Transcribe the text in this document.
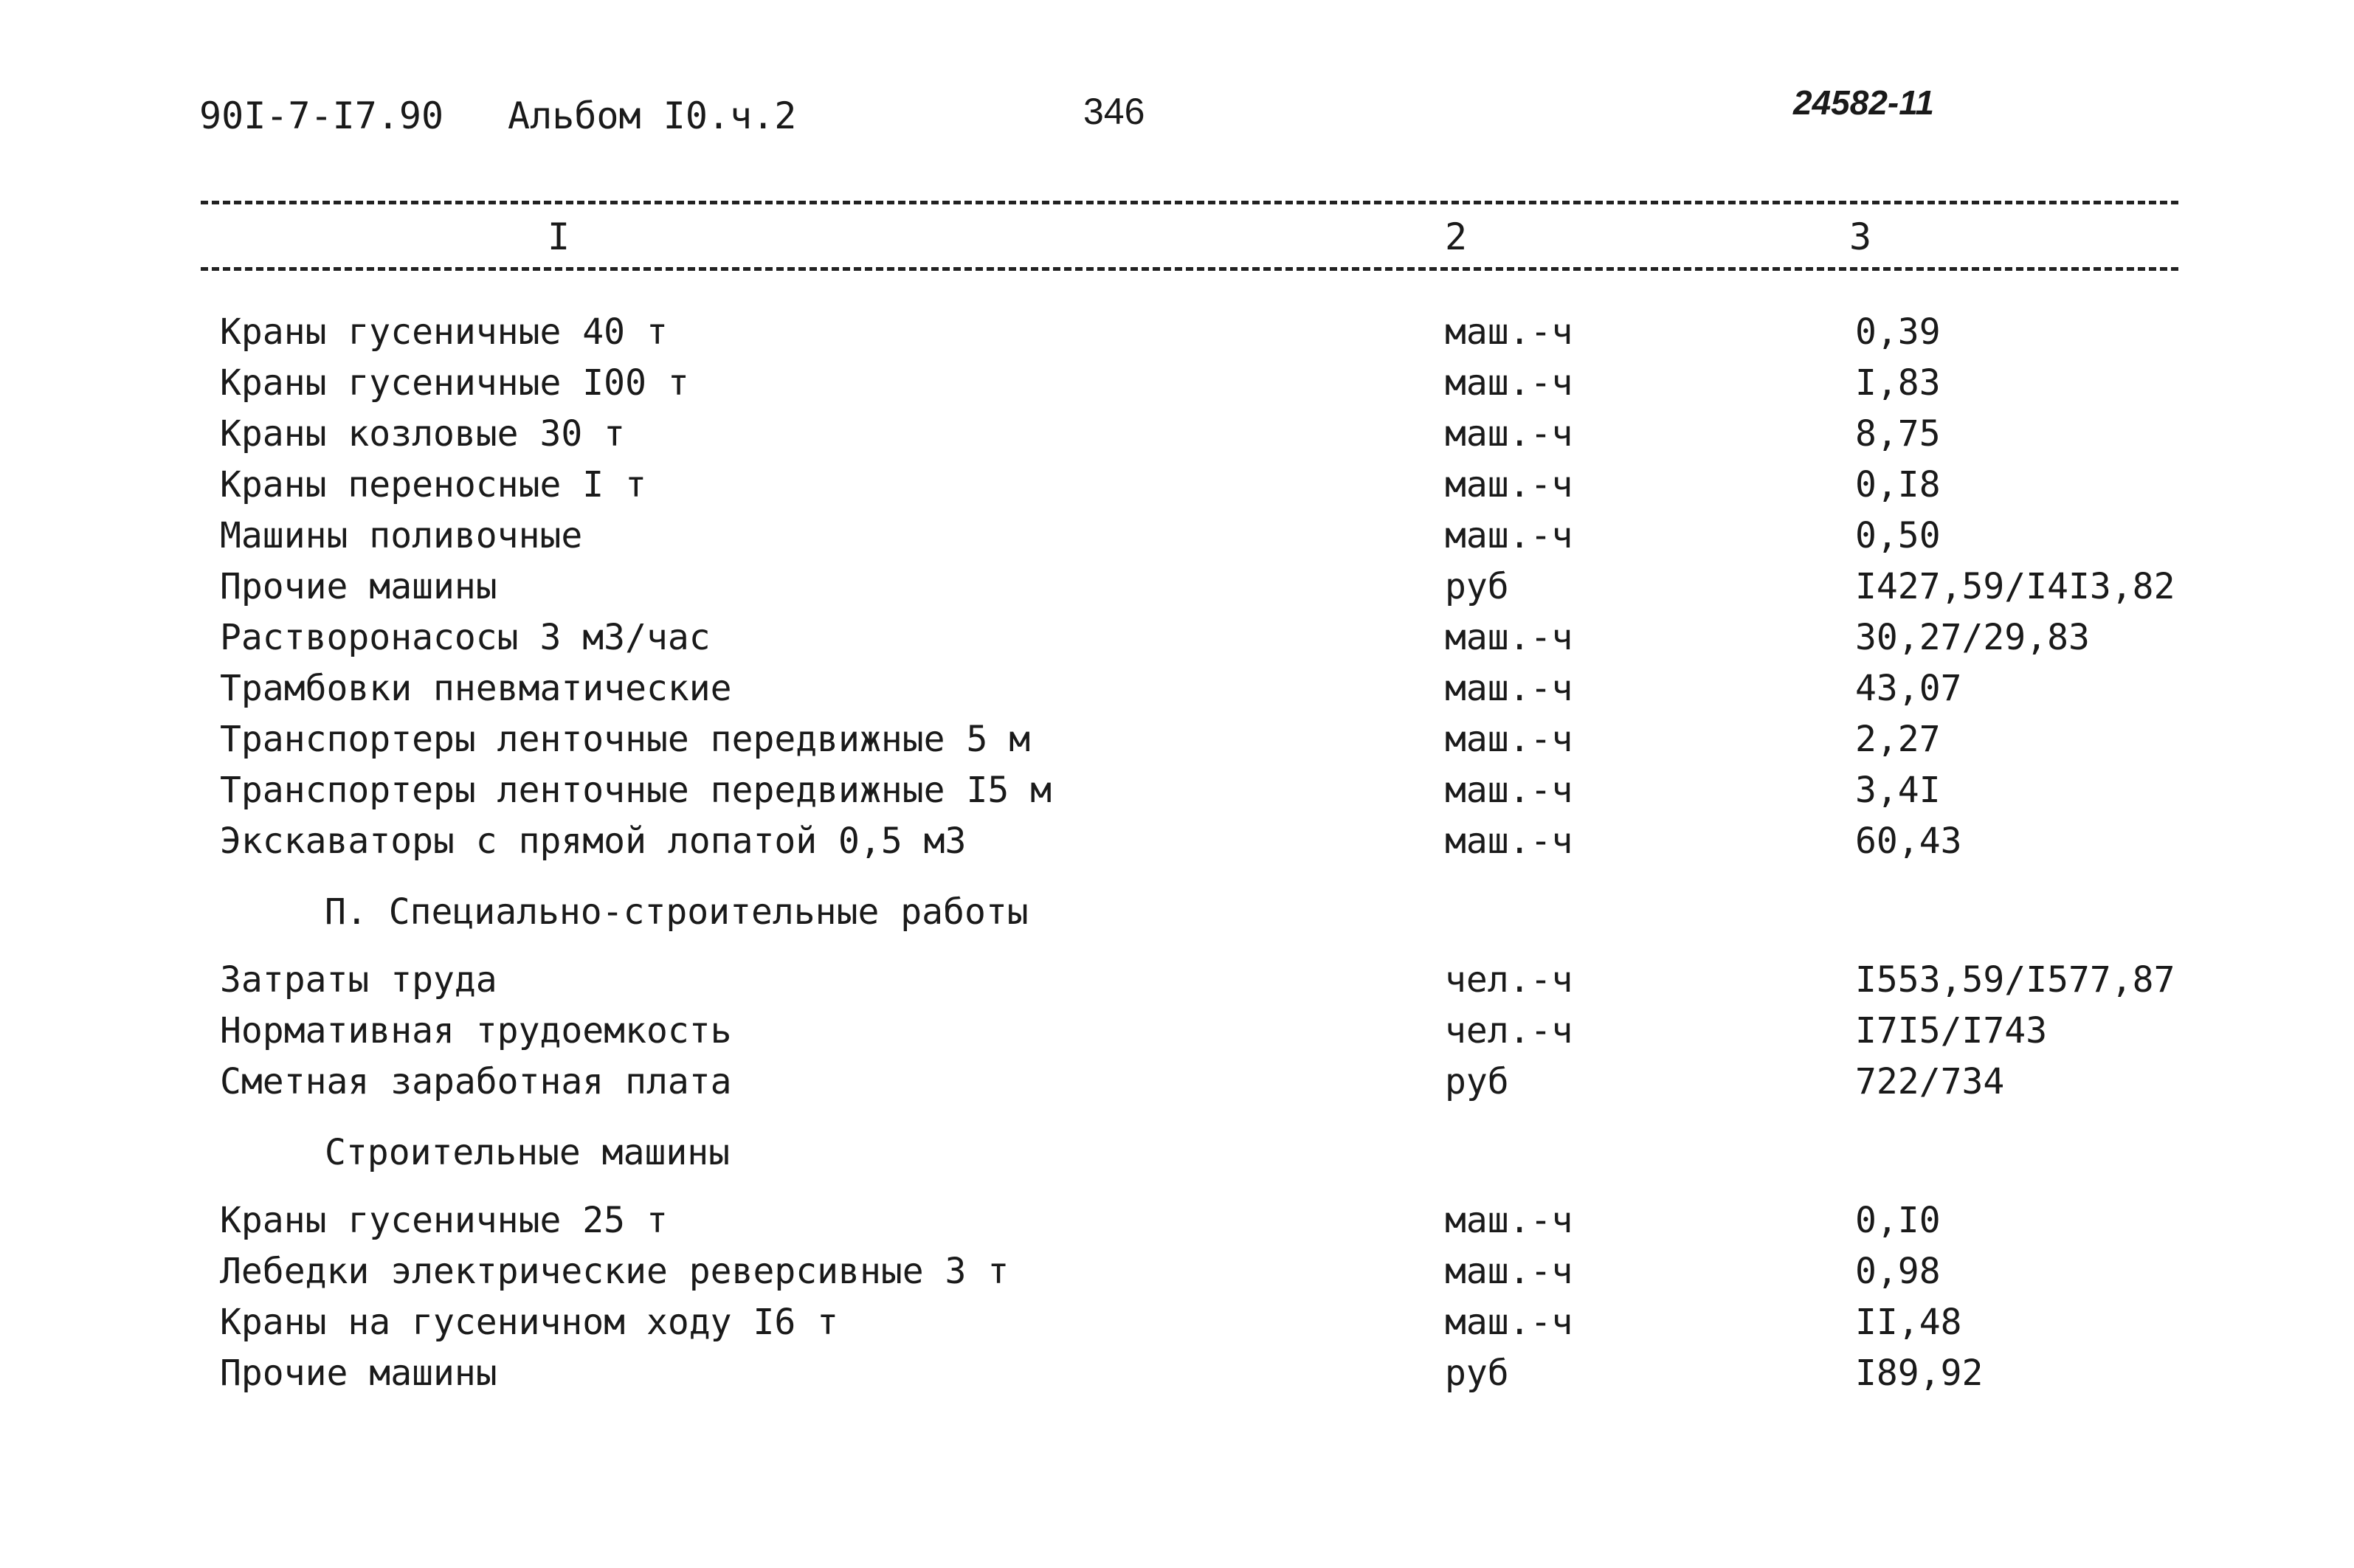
90I-7-I7.90 Альбом I0.ч.2	346	24582-11
I	2	3
Краны гусеничные 40 т	маш.-ч	0,39
Краны гусеничные I00 т	маш.-ч	I,83
Краны козловые 30 т	маш.-ч	8,75
Краны переносные I т	маш.-ч	0,I8
Машины поливочные	маш.-ч	0,50
Прочие машины	руб	I427,59/I4I3,82
Растворонасосы 3 м3/час	маш.-ч	30,27/29,83
Трамбовки пневматические	маш.-ч	43,07
Транспортеры ленточные передвижные 5 м	маш.-ч	2,27
Транспортеры ленточные передвижные I5 м	маш.-ч	3,4I
Экскаваторы с прямой лопатой 0,5 м3	маш.-ч	60,43
П. Специально-строительные работы
Затраты труда	чел.-ч	I553,59/I577,87
Нормативная трудоемкость	чел.-ч	I7I5/I743
Сметная заработная плата	руб	722/734
Строительные машины
Краны гусеничные 25 т	маш.-ч	0,I0
Лебедки электрические реверсивные 3 т	маш.-ч	0,98
Краны на гусеничном ходу I6 т	маш.-ч	II,48
Прочие машины	руб	I89,92
